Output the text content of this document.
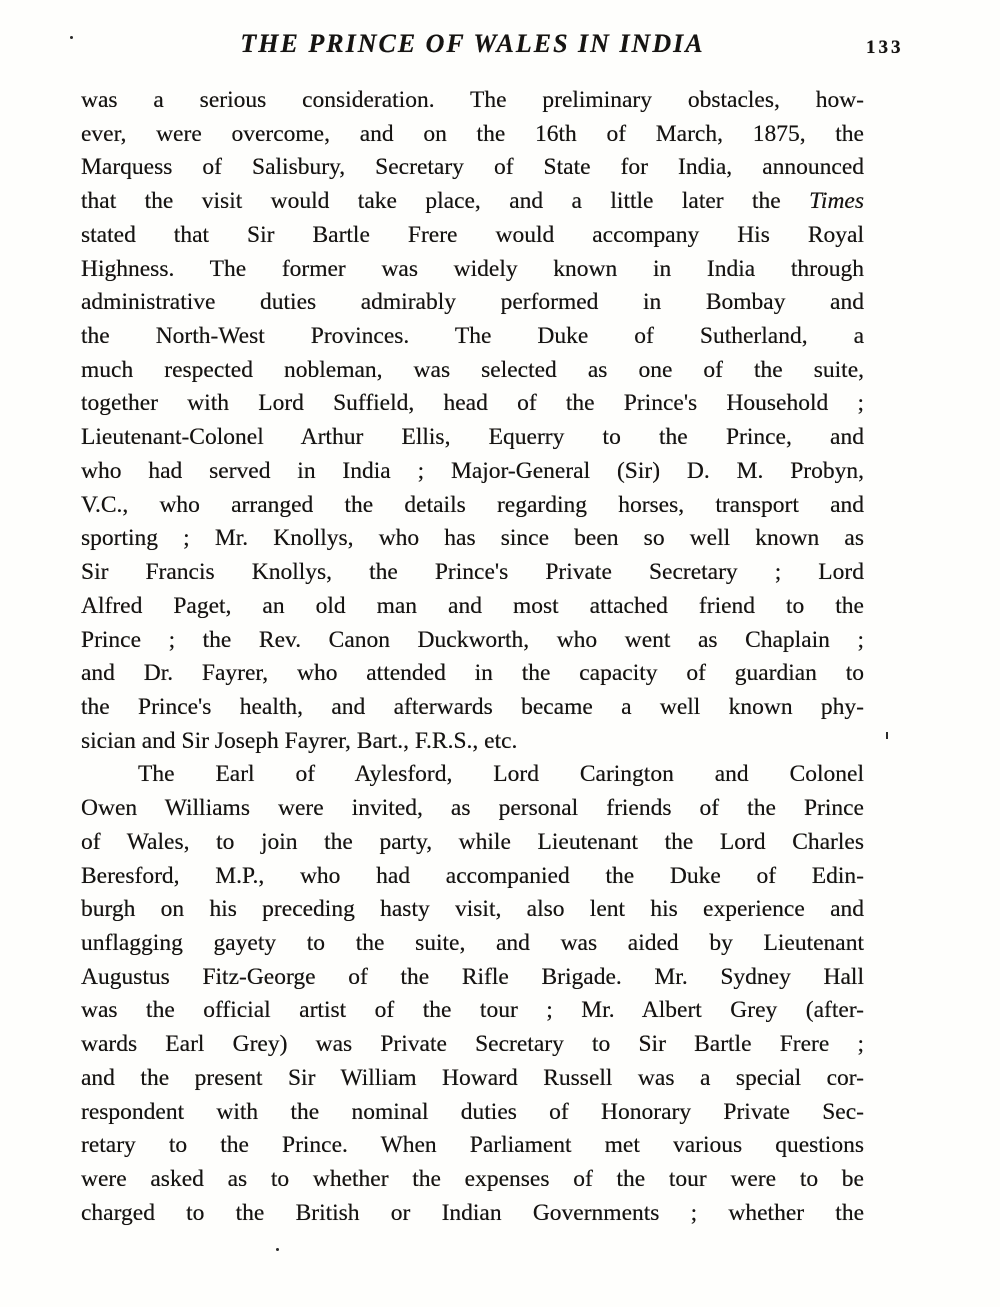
THE PRINCE OF WALES IN INDIA	133
was a serious consideration. The preliminary obstacles, how-
ever, were overcome, and on the 16th of March, 1875, the
Marquess of Salisbury, Secretary of State for India, announced
that the visit would take place, and a little later the Times
stated that Sir Bartle Frere would accompany His Royal
Highness. The former was widely known in India through
administrative duties admirably performed in Bombay and
the North-West Provinces. The Duke of Sutherland, a
much respected nobleman, was selected as one of the suite,
together with Lord Suffield, head of the Prince's Household ;
Lieutenant-Colonel Arthur Ellis, Equerry to the Prince, and
who had served in India ; Major-General (Sir) D. M. Probyn,
V.C., who arranged the details regarding horses, transport and
sporting ; Mr. Knollys, who has since been so well known as
Sir Francis Knollys, the Prince's Private Secretary ; Lord
Alfred Paget, an old man and most attached friend to the
Prince ; the Rev. Canon Duckworth, who went as Chaplain ;
and Dr. Fayrer, who attended in the capacity of guardian to
the Prince's health, and afterwards became a well known phy-
sician and Sir Joseph Fayrer, Bart., F.R.S., etc.
The Earl of Aylesford, Lord Carington and Colonel
Owen Williams were invited, as personal friends of the Prince
of Wales, to join the party, while Lieutenant the Lord Charles
Beresford, M.P., who had accompanied the Duke of Edin-
burgh on his preceding hasty visit, also lent his experience and
unflagging gayety to the suite, and was aided by Lieutenant
Augustus Fitz-George of the Rifle Brigade. Mr. Sydney Hall
was the official artist of the tour ; Mr. Albert Grey (after-
wards Earl Grey) was Private Secretary to Sir Bartle Frere ;
and the present Sir William Howard Russell was a special cor-
respondent with the nominal duties of Honorary Private Sec-
retary to the Prince. When Parliament met various questions
were asked as to whether the expenses of the tour were to be
charged to the British or Indian Governments ; whether the
